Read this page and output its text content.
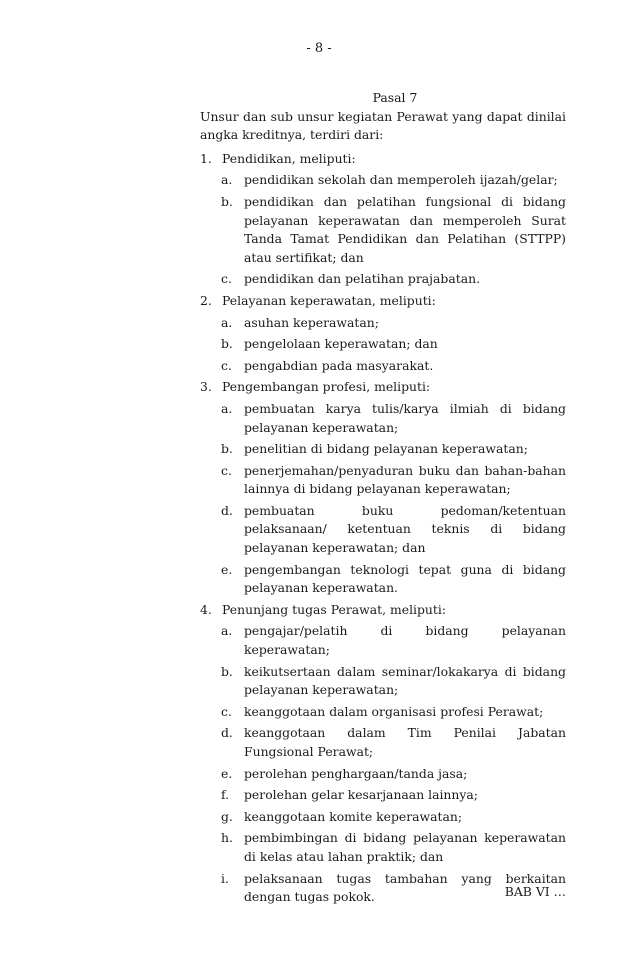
- 8 -

Pasal 7

Unsur dan sub unsur kegiatan Perawat yang dapat dinilai angka kreditnya, terdiri dari:

1. Pendidikan, meliputi:
a. pendidikan sekolah dan memperoleh ijazah/gelar;
b. pendidikan dan pelatihan fungsional di bidang pelayanan keperawatan dan memperoleh Surat Tanda Tamat Pendidikan dan Pelatihan (STTPP) atau sertifikat; dan
c. pendidikan dan pelatihan prajabatan.
2. Pelayanan keperawatan, meliputi:
a. asuhan keperawatan;
b. pengelolaan keperawatan; dan
c. pengabdian pada masyarakat.
3. Pengembangan profesi, meliputi:
a. pembuatan karya tulis/karya ilmiah di bidang pelayanan keperawatan;
b. penelitian di bidang pelayanan keperawatan;
c. penerjemahan/penyaduran buku dan bahan-bahan lainnya di bidang pelayanan keperawatan;
d. pembuatan buku pedoman/ketentuan pelaksanaan/ ketentuan teknis di bidang pelayanan keperawatan; dan
e. pengembangan teknologi tepat guna di bidang pelayanan keperawatan.
4. Penunjang tugas Perawat, meliputi:
a. pengajar/pelatih di bidang pelayanan keperawatan;
b. keikutsertaan dalam seminar/lokakarya di bidang pelayanan keperawatan;
c. keanggotaan dalam organisasi profesi Perawat;
d. keanggotaan dalam Tim Penilai Jabatan Fungsional Perawat;
e. perolehan penghargaan/tanda jasa;
f. perolehan gelar kesarjanaan lainnya;
g. keanggotaan komite keperawatan;
h. pembimbingan di bidang pelayanan keperawatan di kelas atau lahan praktik; dan
i. pelaksanaan tugas tambahan yang berkaitan dengan tugas pokok.	BAB VI …
